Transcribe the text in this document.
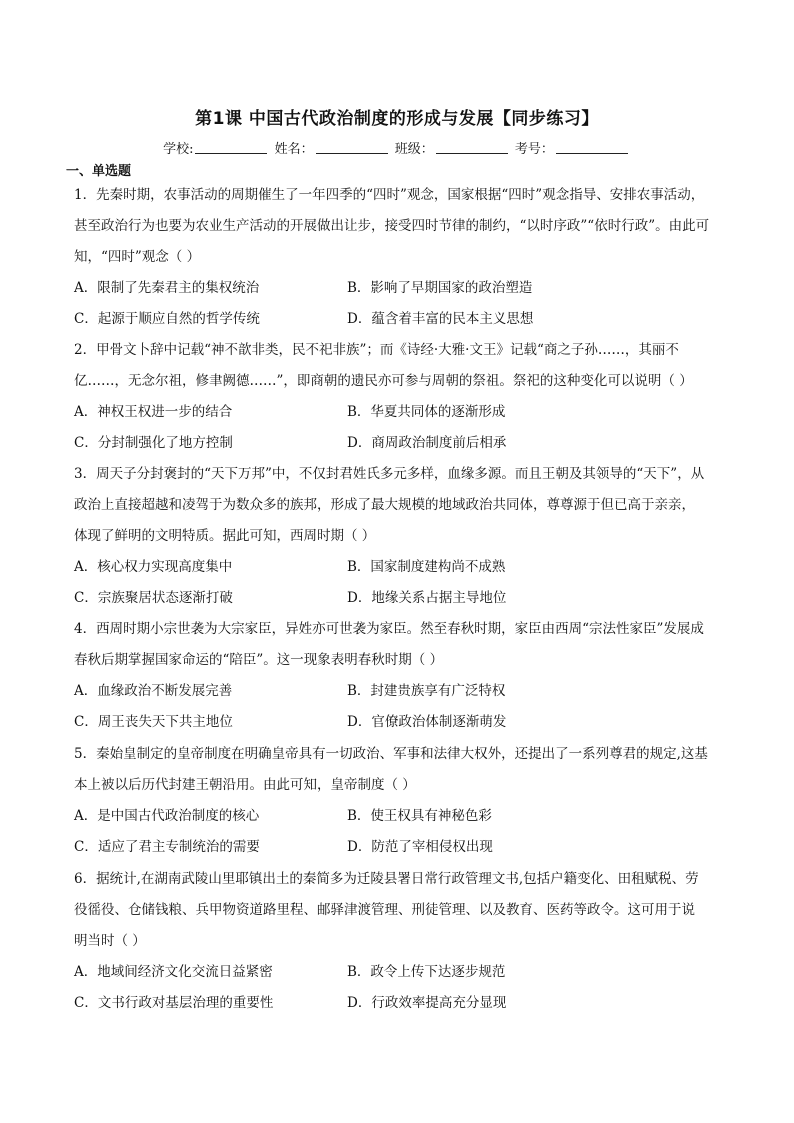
第1课 中国古代政治制度的形成与发展【同步练习】
学校:	姓名：	班级：	考号：
一、单选题

1．先秦时期，农事活动的周期催生了一年四季的“四时”观念，国家根据“四时”观念指导、安排农事活动，

甚至政治行为也要为农业生产活动的开展做出让步，接受四时节律的制约，“以时序政”“依时行政”。由此可

知，“四时”观念（ ）

A．限制了先秦君主的集权统治	B．影响了早期国家的政治塑造
C．起源于顺应自然的哲学传统	D．蕴含着丰富的民本主义思想

2．甲骨文卜辞中记载“神不歆非类，民不祀非族”；而《诗经·大雅·文王》记载“商之子孙……，其丽不

亿……，无念尔祖，修聿阙德……”，即商朝的遗民亦可参与周朝的祭祖。祭祀的这种变化可以说明（ ）

A．神权王权进一步的结合	B．华夏共同体的逐渐形成
C．分封制强化了地方控制	D．商周政治制度前后相承

3．周天子分封褒封的“天下万邦”中，不仅封君姓氏多元多样，血缘多源。而且王朝及其领导的“天下”，从

政治上直接超越和凌驾于为数众多的族邦，形成了最大规模的地域政治共同体，尊尊源于但已高于亲亲，

体现了鲜明的文明特质。据此可知，西周时期（ ）

A．核心权力实现高度集中	B．国家制度建构尚不成熟
C．宗族聚居状态逐渐打破	D．地缘关系占据主导地位

4．西周时期小宗世袭为大宗家臣，异姓亦可世袭为家臣。然至春秋时期，家臣由西周“宗法性家臣”发展成

春秋后期掌握国家命运的“陪臣”。这一现象表明春秋时期（ ）

A．血缘政治不断发展完善	B．封建贵族享有广泛特权
C．周王丧失天下共主地位	D．官僚政治体制逐渐萌发

5．秦始皇制定的皇帝制度在明确皇帝具有一切政治、军事和法律大权外，还提出了一系列尊君的规定,这基

本上被以后历代封建王朝沿用。由此可知，皇帝制度（ ）

A．是中国古代政治制度的核心	B．使王权具有神秘色彩
C．适应了君主专制统治的需要	D．防范了宰相侵权出现

6．据统计,在湖南武陵山里耶镇出土的秦简多为迁陵县署日常行政管理文书,包括户籍变化、田租赋税、劳

役徭役、仓储钱粮、兵甲物资道路里程、邮驿津渡管理、刑徒管理、以及教育、医药等政令。这可用于说

明当时（ ）

A．地域间经济文化交流日益紧密	B．政令上传下达逐步规范
C．文书行政对基层治理的重要性	D．行政效率提高充分显现
